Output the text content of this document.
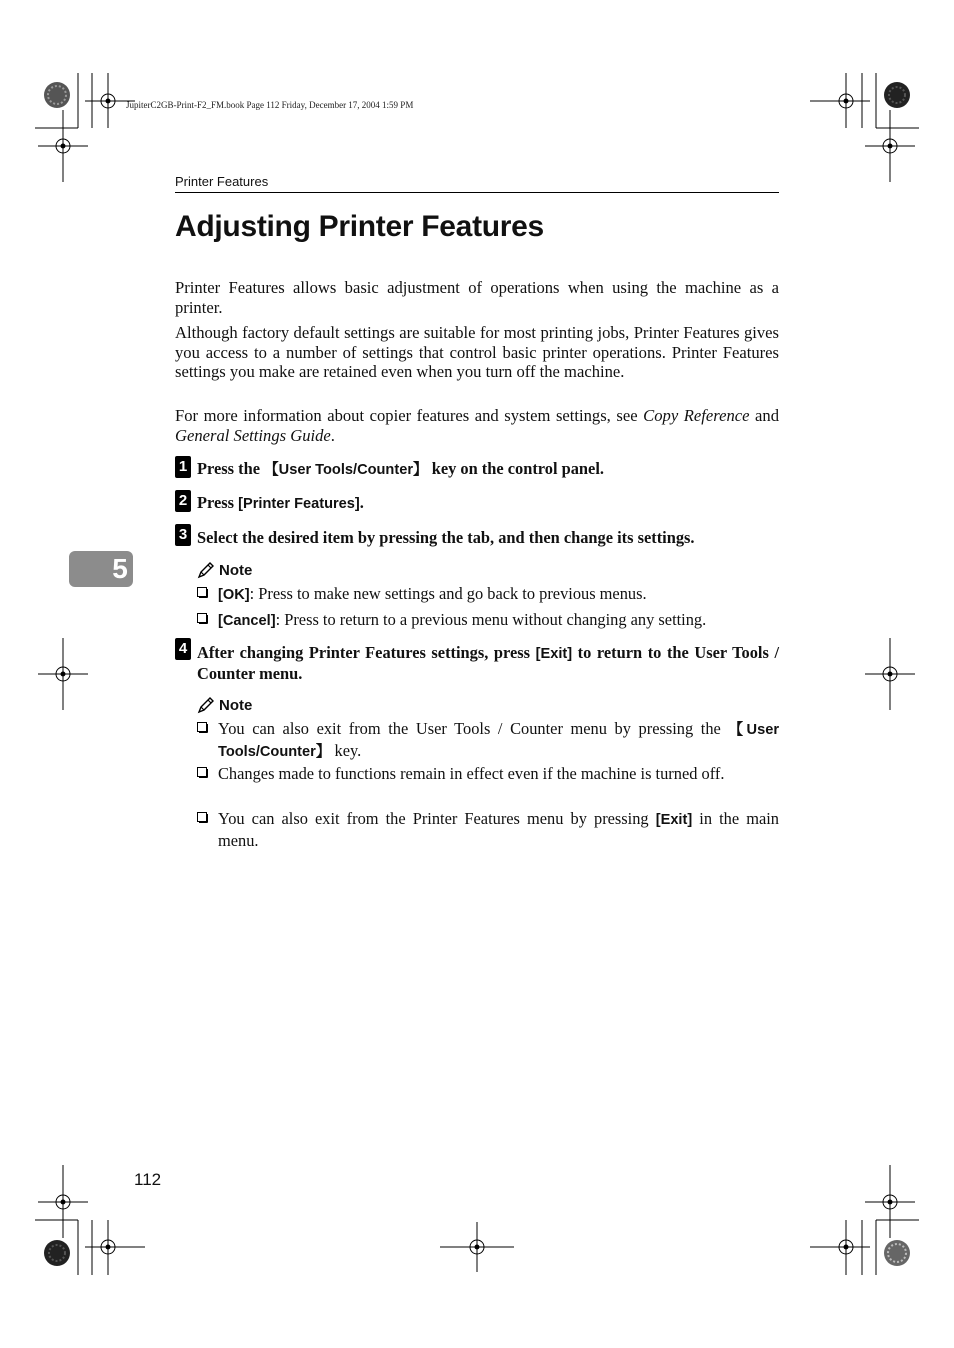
JupiterC2GB-Print-F2_FM.book Page 112 Friday, December 17, 2004 1:59 PM
Printer Features
Adjusting Printer Features
Printer Features allows basic adjustment of operations when using the machine as a printer.
Although factory default settings are suitable for most printing jobs, Printer Features gives you access to a number of settings that control basic printer operations. Printer Features settings you make are retained even when you turn off the machine.
For more information about copier features and system settings, see Copy Reference and General Settings Guide.
5
1 Press the 【User Tools/Counter】 key on the control panel.
2 Press [Printer Features].
3 Select the desired item by pressing the tab, and then change its settings.
Note
[OK]: Press to make new settings and go back to previous menus.
[Cancel]: Press to return to a previous menu without changing any setting.
4 After changing Printer Features settings, press [Exit] to return to the User Tools / Counter menu.
Note
You can also exit from the User Tools / Counter menu by pressing the 【User Tools/Counter】 key.
Changes made to functions remain in effect even if the machine is turned off.
You can also exit from the Printer Features menu by pressing [Exit] in the main menu.
112
